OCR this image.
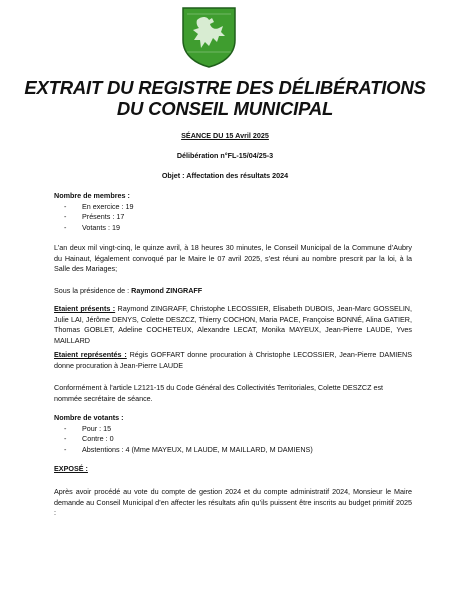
EXTRAIT DU REGISTRE DES DÉLIBÉRATIONS
DU CONSEIL MUNICIPAL
SÉANCE DU 15 Avril 2025
Délibération n°FL-15/04/25-3
Objet : Affectation des résultats 2024
Nombre de membres :
- En exercice : 19
- Présents : 17
- Votants : 19
L’an deux mil vingt-cinq, le quinze avril, à 18 heures 30 minutes, le Conseil Municipal de la Commune d’Aubry du Hainaut, légalement convoqué par le Maire le 07 avril 2025, s’est réuni au nombre prescrit par la loi, à la Salle des Mariages;
Sous la présidence de : Raymond ZINGRAFF
Etaient présents : Raymond ZINGRAFF, Christophe LECOSSIER, Elisabeth DUBOIS, Jean-Marc GOSSELIN, Julie LAI, Jérôme DENYS, Colette DESZCZ, Thierry COCHON, Maria PACE, Françoise BONNÉ, Alina GATIER, Thomas GOBLET, Adeline COCHETEUX, Alexandre LECAT, Monika MAYEUX, Jean-Pierre LAUDE, Yves MAILLARD
Etaient représentés : Régis GOFFART donne procuration à Christophe LECOSSIER, Jean-Pierre DAMIENS donne procuration à Jean-Pierre LAUDE
Conformément à l’article L2121-15 du Code Général des Collectivités Territoriales, Colette DESZCZ est nommée secrétaire de séance.
Nombre de votants :
- Pour : 15
- Contre : 0
- Abstentions : 4 (Mme MAYEUX, M LAUDE, M MAILLARD, M DAMIENS)
EXPOSÉ :
Après avoir procédé au vote du compte de gestion 2024 et du compte administratif 2024, Monsieur le Maire demande au Conseil Municipal d’en affecter les résultats afin qu’ils puissent être inscrits au budget primitif 2025 :
